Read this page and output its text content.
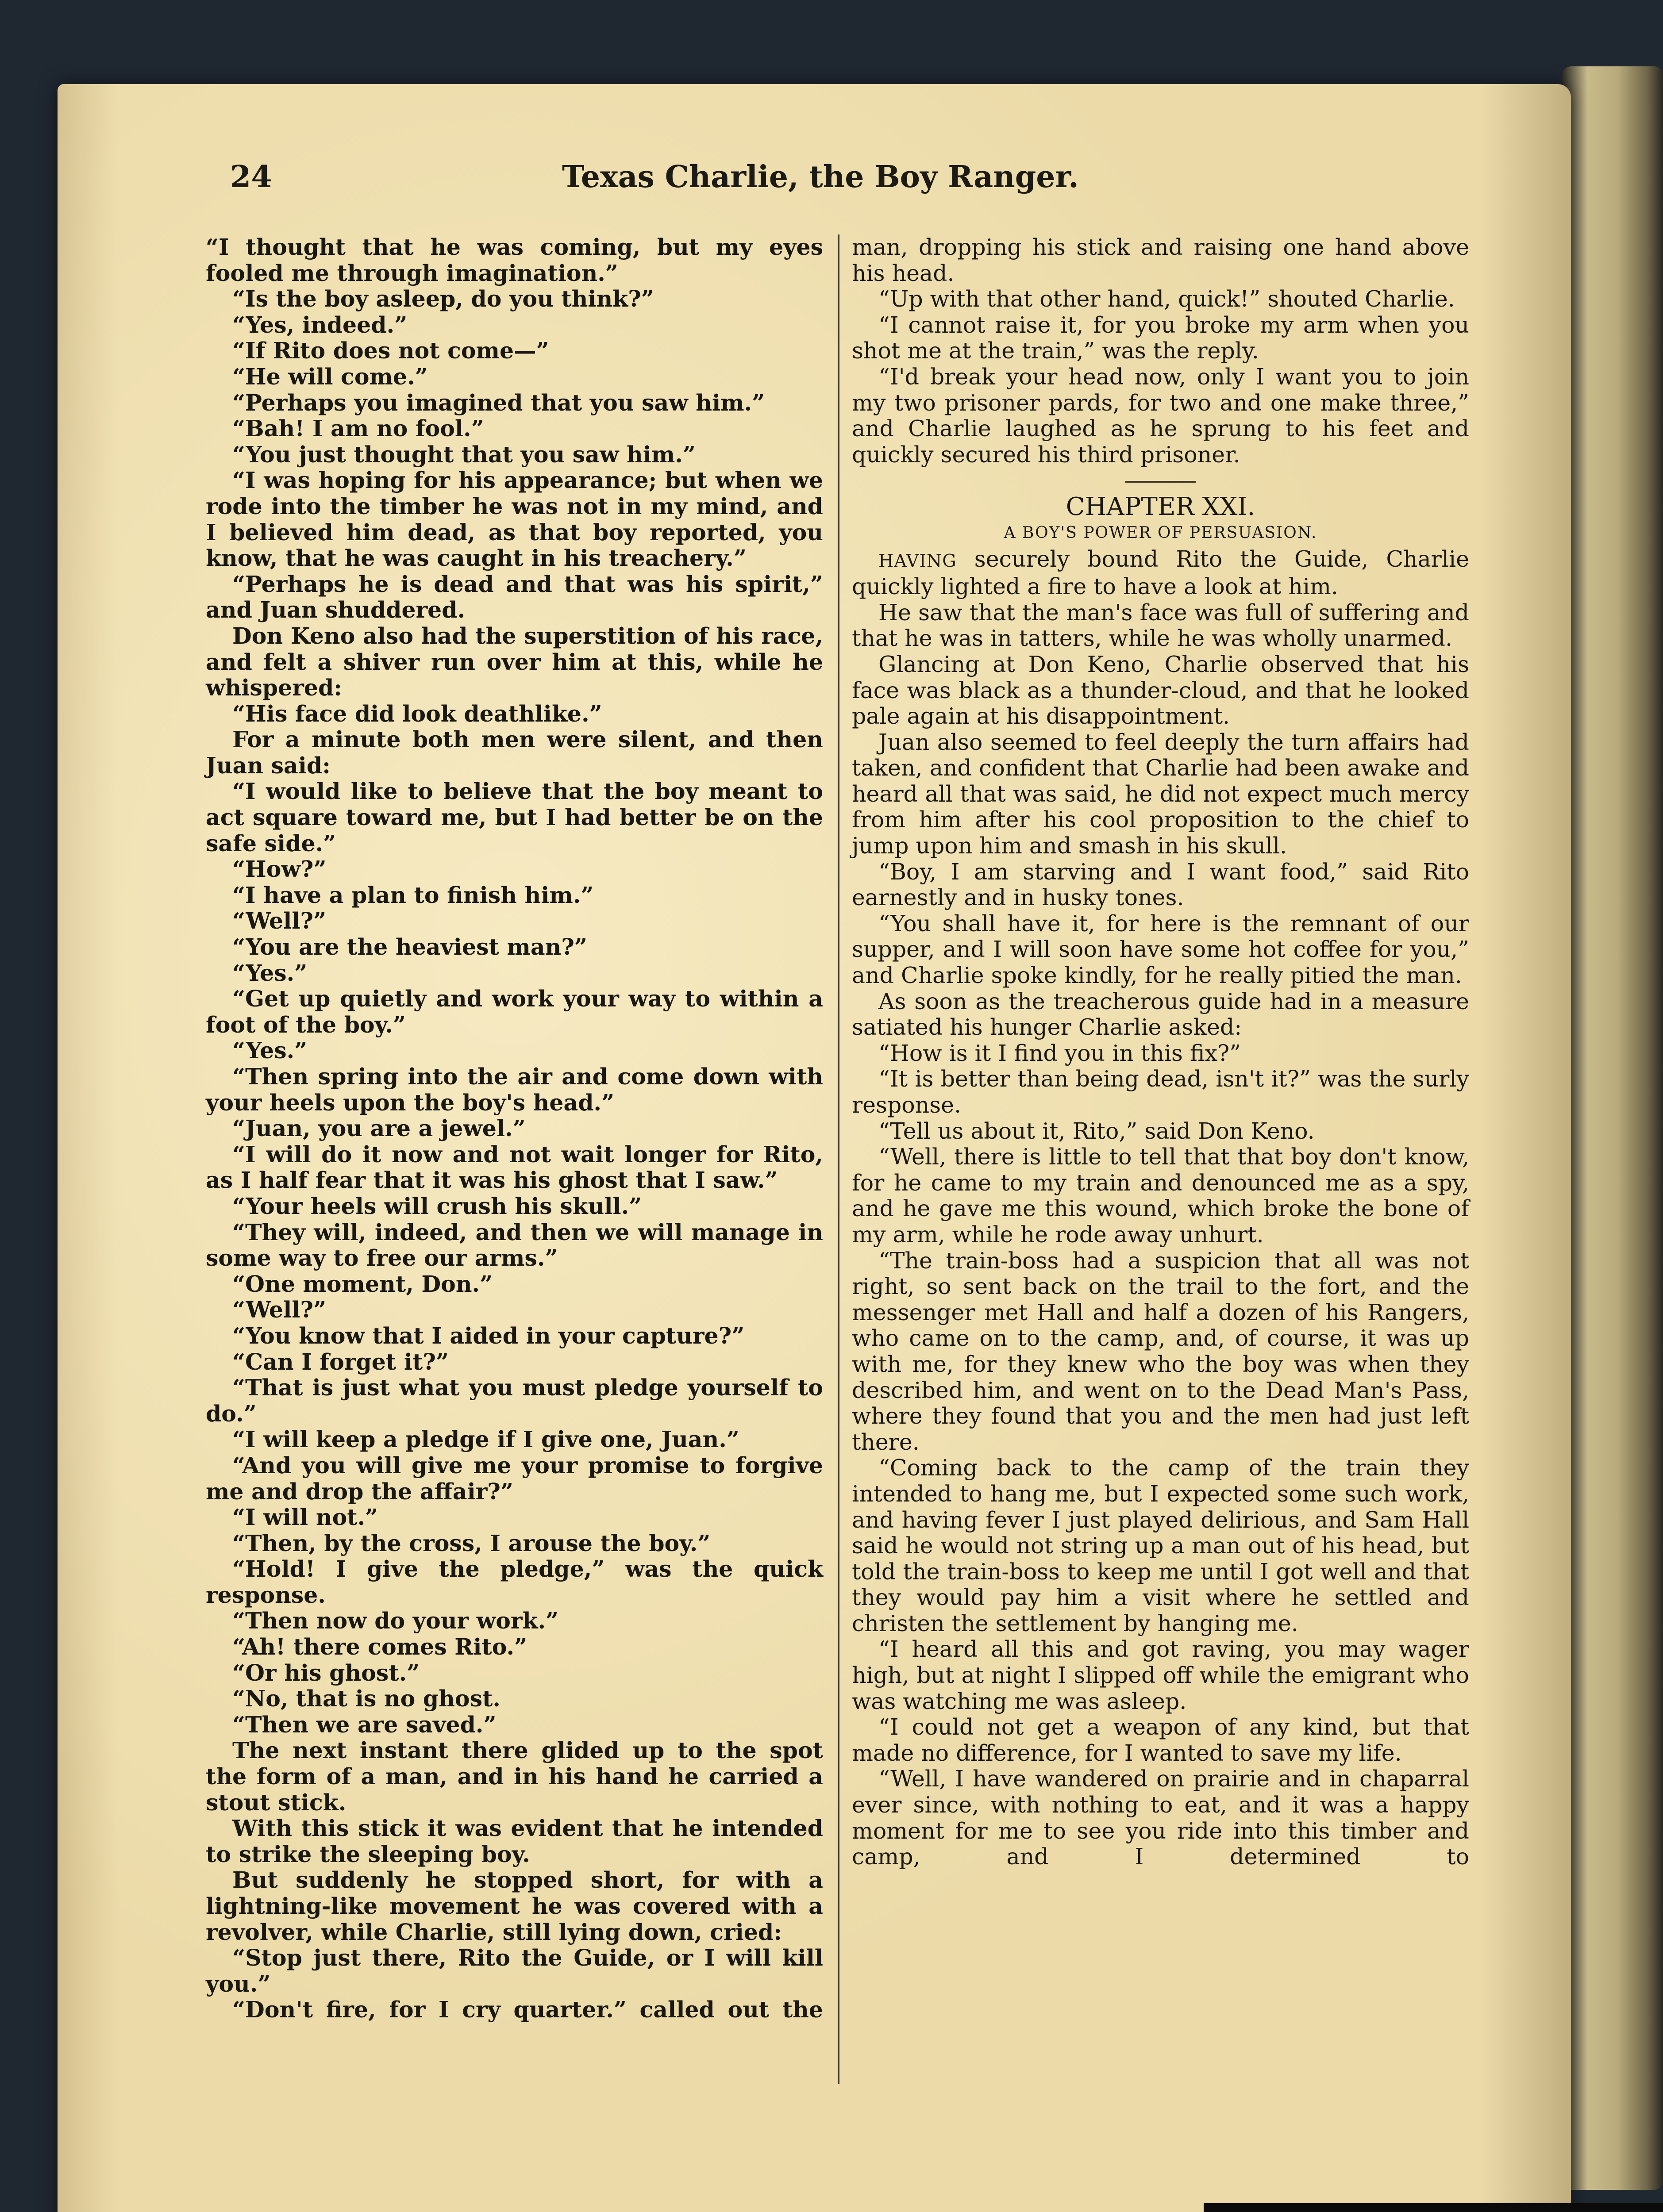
24	Texas Charlie, the Boy Ranger.

“I thought that he was coming, but my eyes fooled me through imagination.”

“Is the boy asleep, do you think?”

“Yes, indeed.”

“If Rito does not come—”

“He will come.”

“Perhaps you imagined that you saw him.”

“Bah! I am no fool.”

“You just thought that you saw him.”

“I was hoping for his appearance; but when we rode into the timber he was not in my mind, and I believed him dead, as that boy reported, you know, that he was caught in his treachery.”

“Perhaps he is dead and that was his spirit,” and Juan shuddered.

Don Keno also had the superstition of his race, and felt a shiver run over him at this, while he whispered:

“His face did look deathlike.”

For a minute both men were silent, and then Juan said:

“I would like to believe that the boy meant to act square toward me, but I had better be on the safe side.”

“How?”

“I have a plan to finish him.”

“Well?”

“You are the heaviest man?”

“Yes.”

“Get up quietly and work your way to within a foot of the boy.”

“Yes.”

“Then spring into the air and come down with your heels upon the boy's head.”

“Juan, you are a jewel.”

“I will do it now and not wait longer for Rito, as I half fear that it was his ghost that I saw.”

“Your heels will crush his skull.”

“They will, indeed, and then we will manage in some way to free our arms.”

“One moment, Don.”

“Well?”

“You know that I aided in your capture?”

“Can I forget it?”

“That is just what you must pledge yourself to do.”

“I will keep a pledge if I give one, Juan.”

“And you will give me your promise to forgive me and drop the affair?”

“I will not.”

“Then, by the cross, I arouse the boy.”

“Hold! I give the pledge,” was the quick response.

“Then now do your work.”

“Ah! there comes Rito.”

“Or his ghost.”

“No, that is no ghost.

“Then we are saved.”

The next instant there glided up to the spot the form of a man, and in his hand he carried a stout stick.

With this stick it was evident that he intended to strike the sleeping boy.

But suddenly he stopped short, for with a lightning-like movement he was covered with a revolver, while Charlie, still lying down, cried:

“Stop just there, Rito the Guide, or I will kill you.”

“Don't fire, for I cry quarter.” called out the

man, dropping his stick and raising one hand above his head.

“Up with that other hand, quick!” shouted Charlie.

“I cannot raise it, for you broke my arm when you shot me at the train,” was the reply.

“I'd break your head now, only I want you to join my two prisoner pards, for two and one make three,” and Charlie laughed as he sprung to his feet and quickly secured his third prisoner.

CHAPTER XXI.

A BOY'S POWER OF PERSUASION.

HAVING securely bound Rito the Guide, Charlie quickly lighted a fire to have a look at him.

He saw that the man's face was full of suffering and that he was in tatters, while he was wholly unarmed.

Glancing at Don Keno, Charlie observed that his face was black as a thunder-cloud, and that he looked pale again at his disappointment.

Juan also seemed to feel deeply the turn affairs had taken, and confident that Charlie had been awake and heard all that was said, he did not expect much mercy from him after his cool proposition to the chief to jump upon him and smash in his skull.

“Boy, I am starving and I want food,” said Rito earnestly and in husky tones.

“You shall have it, for here is the remnant of our supper, and I will soon have some hot coffee for you,” and Charlie spoke kindly, for he really pitied the man.

As soon as the treacherous guide had in a measure satiated his hunger Charlie asked:

“How is it I find you in this fix?”

“It is better than being dead, isn't it?” was the surly response.

“Tell us about it, Rito,” said Don Keno.

“Well, there is little to tell that that boy don't know, for he came to my train and denounced me as a spy, and he gave me this wound, which broke the bone of my arm, while he rode away unhurt.

“The train-boss had a suspicion that all was not right, so sent back on the trail to the fort, and the messenger met Hall and half a dozen of his Rangers, who came on to the camp, and, of course, it was up with me, for they knew who the boy was when they described him, and went on to the Dead Man's Pass, where they found that you and the men had just left there.

“Coming back to the camp of the train they intended to hang me, but I expected some such work, and having fever I just played delirious, and Sam Hall said he would not string up a man out of his head, but told the train-boss to keep me until I got well and that they would pay him a visit where he settled and christen the settlement by hanging me.

“I heard all this and got raving, you may wager high, but at night I slipped off while the emigrant who was watching me was asleep.

“I could not get a weapon of any kind, but that made no difference, for I wanted to save my life.

“Well, I have wandered on prairie and in chaparral ever since, with nothing to eat, and it was a happy moment for me to see you ride into this timber and camp, and I determined to
